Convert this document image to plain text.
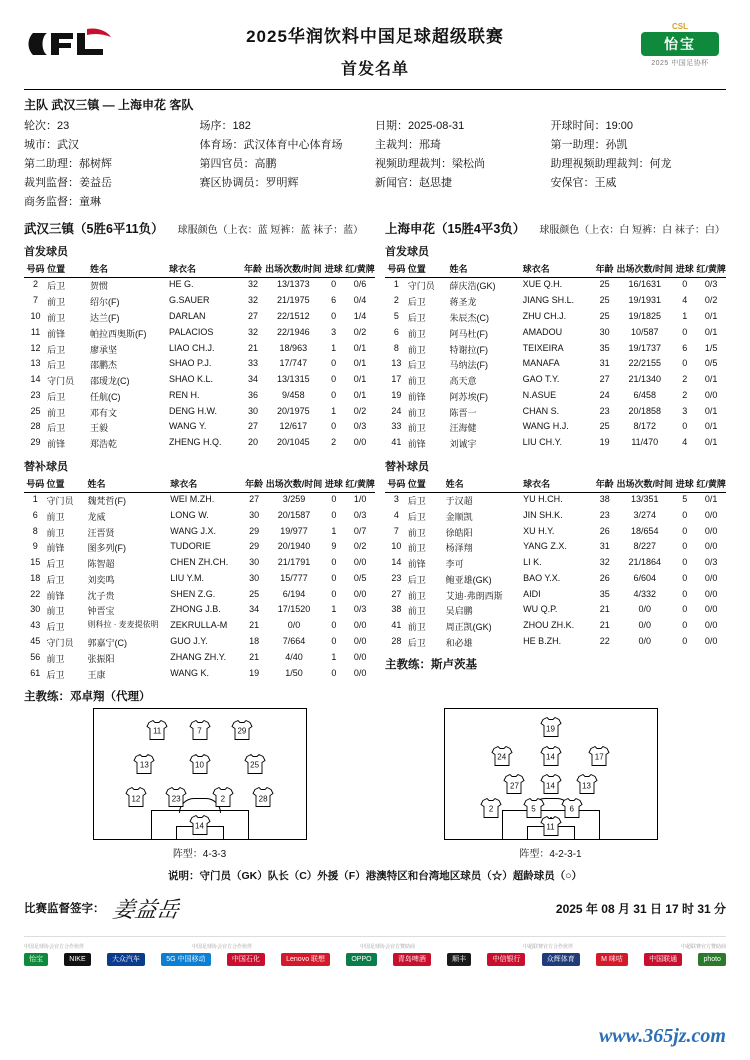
2025华润饮料中国足球超级联赛
首发名单
CSL
怡宝
2025 中国足协杯
主队 武汉三镇 — 上海申花 客队
轮次：23	场序：182	日期：2025-08-31	开球时间：19:00
城市：武汉	体育场：武汉体育中心体育场	主裁判：邢琦	第一助理：孙凯
第二助理：郝树辉	第四官员：高鹏	视频助理裁判：梁松尚	助理视频助理裁判：何龙
裁判监督：姜益岳	赛区协调员：罗明辉	新闻官：赵思捷	安保官：王威
商务监督：童琳
武汉三镇（5胜6平11负） 球服颜色（上衣：蓝 短裤：蓝 袜子：蓝）
首发球员
号码	位置	姓名	球衣名	年龄	出场次数/时间	进球	红/黄牌
2	后卫	贺惯	HE G.	32	13/1373	0	0/6
7	前卫	绍尔(F)	G.SAUER	32	21/1975	6	0/4
10	前卫	达兰(F)	DARLAN	27	22/1512	0	1/4
11	前锋	帕拉西奥斯(F)	PALACIOS	32	22/1946	3	0/2
12	后卫	廖承坚	LIAO CH.J.	21	18/963	1	0/1
13	后卫	邵鹏杰	SHAO P.J.	33	17/747	0	0/1
14	守门员	邵瑷龙(C)	SHAO K.L.	34	13/1315	0	0/1
23	后卫	任航(C)	REN H.	36	9/458	0	0/1
25	前卫	邓有文	DENG H.W.	30	20/1975	1	0/2
28	后卫	王毅	WANG Y.	27	12/617	0	0/3
29	前锋	郑浩乾	ZHENG H.Q.	20	20/1045	2	0/0
替补球员
号码	位置	姓名	球衣名	年龄	出场次数/时间	进球	红/黄牌
1	守门员	魏梵哲(F)	WEI M.ZH.	27	3/259	0	1/0
6	前卫	龙威	LONG W.	30	20/1587	0	0/3
8	前卫	汪晋贤	WANG J.X.	29	19/977	1	0/7
9	前锋	图多列(F)	TUDORIE	29	20/1940	9	0/2
15	后卫	陈智超	CHEN ZH.CH.	30	21/1791	0	0/0
18	后卫	刘奕鸣	LIU Y.M.	30	15/777	0	0/5
22	前锋	沈子贵	SHEN Z.G.	25	6/194	0	0/0
30	前卫	钟晋宝	ZHONG J.B.	34	17/1520	1	0/3
43	后卫	则科拉 · 麦麦提依明	ZEKRULLA-M	21	0/0	0	0/0
45	守门员	郭嘉宁(C)	GUO J.Y.	18	7/664	0	0/0
56	前卫	张振阳	ZHANG ZH.Y.	21	4/40	1	0/0
61	后卫	王康	WANG K.	19	1/50	0	0/0
主教练：邓卓翔（代理）
上海申花（15胜4平3负） 球服颜色（上衣：白 短裤：白 袜子：白）
首发球员
号码	位置	姓名	球衣名	年龄	出场次数/时间	进球	红/黄牌
1	守门员	薛庆浩(GK)	XUE Q.H.	25	16/1631	0	0/3
2	后卫	蒋圣龙	JIANG SH.L.	25	19/1931	4	0/2
5	后卫	朱辰杰(C)	ZHU CH.J.	25	19/1825	1	0/1
6	前卫	阿马杜(F)	AMADOU	30	10/587	0	0/1
8	前卫	特谢拉(F)	TEIXEIRA	35	19/1737	6	1/5
13	后卫	马纳法(F)	MANAFA	31	22/2155	0	0/5
17	前卫	高天意	GAO T.Y.	27	21/1340	2	0/1
19	前锋	阿苏埃(F)	N.ASUE	24	6/458	2	0/0
24	前卫	陈晋一	CHAN S.	23	20/1858	3	0/1
33	前卫	汪海健	WANG H.J.	25	8/172	0	0/1
41	前锋	刘诚宇	LIU CH.Y.	19	11/470	4	0/1
替补球员
号码	位置	姓名	球衣名	年龄	出场次数/时间	进球	红/黄牌
3	后卫	于汉超	YU H.CH.	38	13/351	5	0/1
4	后卫	金顺凯	JIN SH.K.	23	3/274	0	0/0
7	前卫	徐皓阳	XU H.Y.	26	18/654	0	0/0
10	前卫	杨泽翔	YANG Z.X.	31	8/227	0	0/0
14	前锋	李可	LI K.	32	21/1864	0	0/3
23	后卫	鲍亚雄(GK)	BAO Y.X.	26	6/604	0	0/0
27	前卫	艾迪·弗朗西斯	AIDI	35	4/332	0	0/0
38	前卫	吴启鹏	WU Q.P.	21	0/0	0	0/0
41	前卫	周正凯(GK)	ZHOU ZH.K.	21	0/0	0	0/0
28	后卫	和必雄	HE B.ZH.	22	0/0	0	0/0
主教练：斯卢茨基
11	7	29
13	10	25
12	23	2	28
14
阵型：4-3-3
19
24	14	17
27	14	13
2	5	6
11
阵型：4-2-3-1
说明：守门员（GK）队长（C）外援（F）港澳特区和台湾地区球员（☆）超龄球员（○）
比赛监督签字： 姜益岳	2025 年 08 月 31 日 17 时 31 分
中国足球协会官方合作伙伴	中国足球协会官方合作伙伴	中国足球协会官方赞助商	中超联赛官方合作伙伴	中超联赛官方赞助商
怡宝	NIKE	大众汽车	5G 中国移动	中国石化	Lenovo 联想	OPPO	青岛啤酒	顺丰	中信银行	众辉体育	M 咪咕	中国联通	photo
www.365jz.com
